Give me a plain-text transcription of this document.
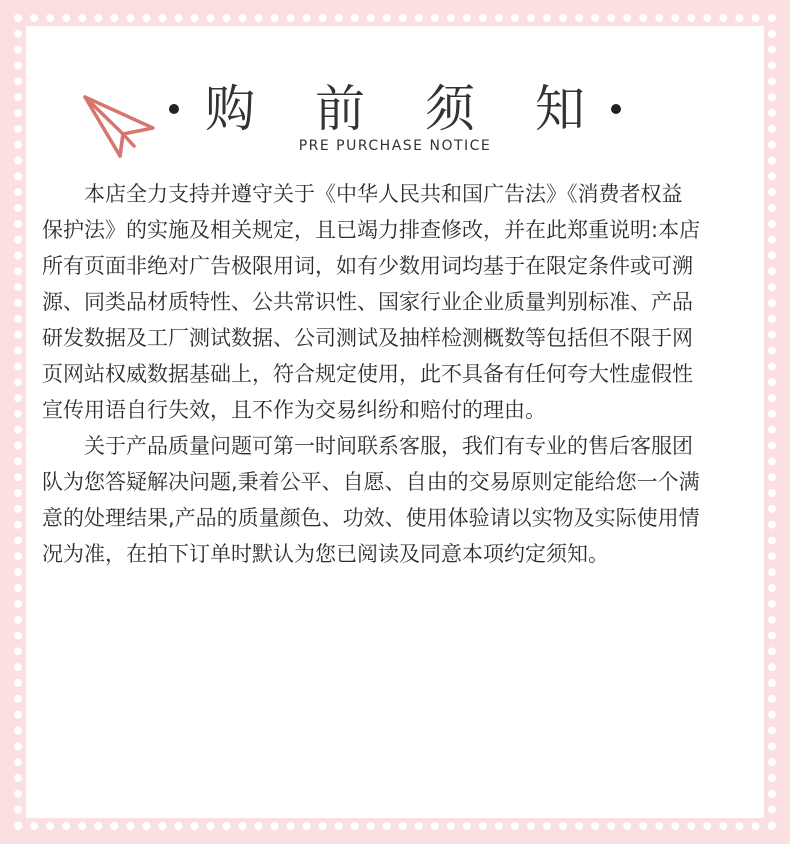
购 前 须 知
PRE PURCHASE NOTICE

本店全力支持并遵守关于《中华人民共和国广告法》《消费者权益保护法》的实施及相关规定，且已竭力排查修改，并在此郑重说明:本店所有页面非绝对广告极限用词，如有少数用词均基于在限定条件或可溯源、同类品材质特性、公共常识性、国家行业企业质量判别标准、产品研发数据及工厂测试数据、公司测试及抽样检测概数等包括但不限于网页网站权威数据基础上，符合规定使用，此不具备有任何夸大性虚假性宣传用语自行失效，且不作为交易纠纷和赔付的理由。

关于产品质量问题可第一时间联系客服，我们有专业的售后客服团队为您答疑解决问题,秉着公平、自愿、自由的交易原则定能给您一个满意的处理结果,产品的质量颜色、功效、使用体验请以实物及实际使用情况为准，在拍下订单时默认为您已阅读及同意本项约定须知。
